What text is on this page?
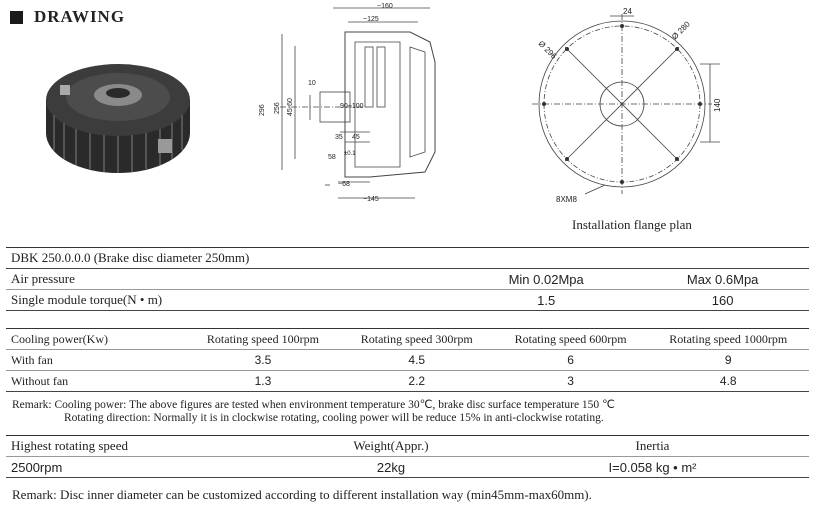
DRAWING
~160
~125
10
296 256 45-60	90~100
35 45
58 ±0.1
~68
~145
24
Ø 280
Ø 296
140
8XM8
Installation flange plan
DBK 250.0.0.0 (Brake disc diameter 250mm)		
Air pressure	Min 0.02Mpa	Max 0.6Mpa
Single module torque(N • m)	1.5	160
Cooling power(Kw)	Rotating speed 100rpm	Rotating speed 300rpm	Rotating speed 600rpm	Rotating speed 1000rpm
With fan	3.5	4.5	6	9
Without fan	1.3	2.2	3	4.8
Remark: Cooling power: The above figures are tested when environment temperature 30℃, brake disc surface temperature 150 ℃
Rotating direction: Normally it is in clockwise rotating, cooling power will be reduce 15% in anti-clockwise rotating.
Highest rotating speed	Weight(Appr.)	Inertia
2500rpm	22kg	I=0.058 kg • m²
Remark: Disc inner diameter can be customized according to different installation way (min45mm-max60mm).
